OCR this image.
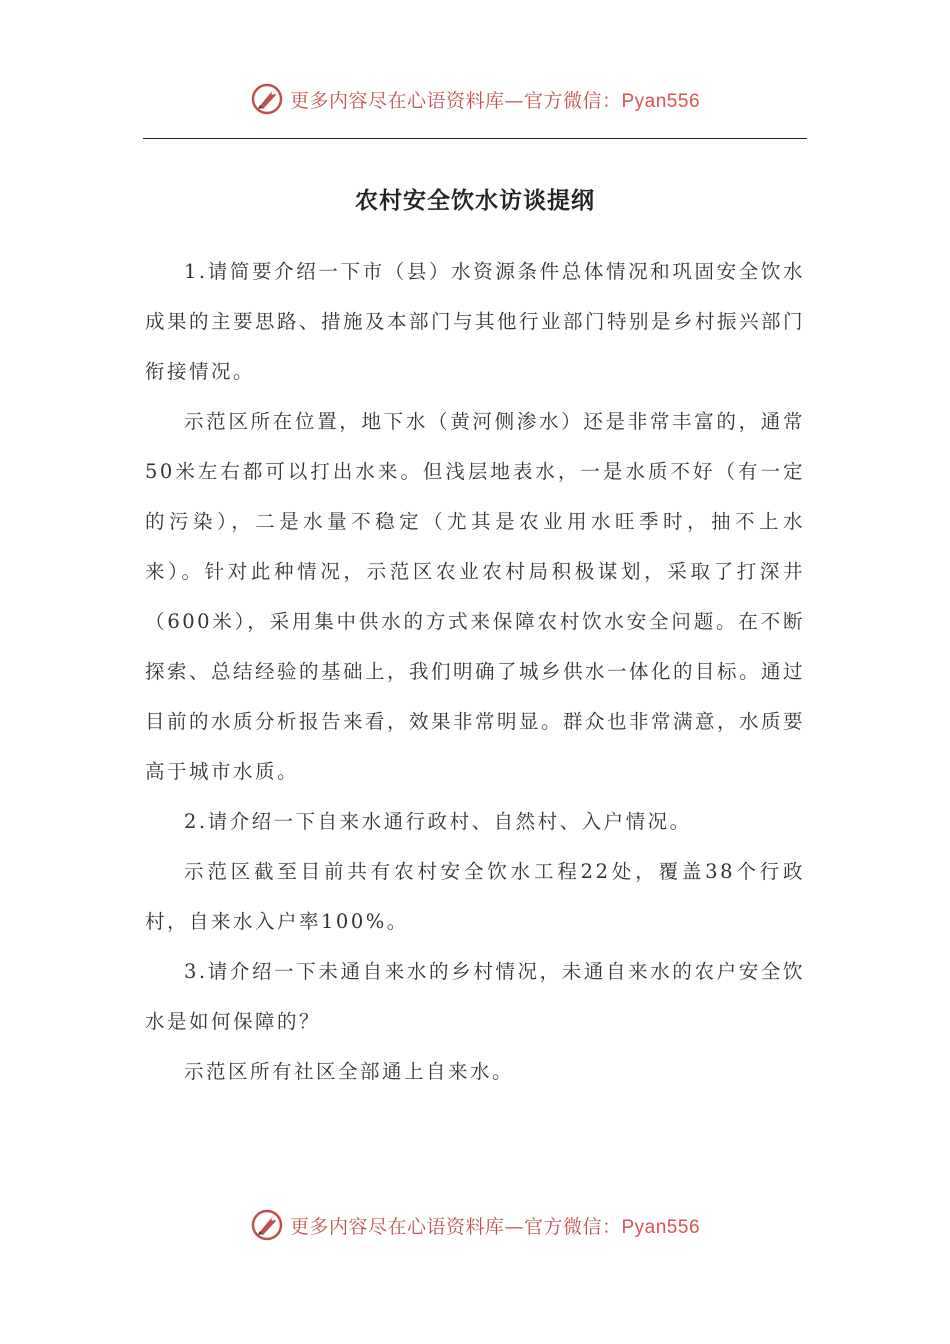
更多内容尽在心语资料库—官方微信：Pyan556
农村安全饮水访谈提纲

1.请简要介绍一下市（县）水资源条件总体情况和巩固安全饮水成果的主要思路、措施及本部门与其他行业部门特别是乡村振兴部门衔接情况。

示范区所在位置，地下水（黄河侧渗水）还是非常丰富的，通常50米左右都可以打出水来。但浅层地表水，一是水质不好（有一定的污染），二是水量不稳定（尤其是农业用水旺季时，抽不上水来）。针对此种情况，示范区农业农村局积极谋划，采取了打深井（600米），采用集中供水的方式来保障农村饮水安全问题。在不断探索、总结经验的基础上，我们明确了城乡供水一体化的目标。通过目前的水质分析报告来看，效果非常明显。群众也非常满意，水质要高于城市水质。

2.请介绍一下自来水通行政村、自然村、入户情况。

示范区截至目前共有农村安全饮水工程22处，覆盖38个行政村，自来水入户率100%。

3.请介绍一下未通自来水的乡村情况，未通自来水的农户安全饮水是如何保障的？

示范区所有社区全部通上自来水。

更多内容尽在心语资料库—官方微信：Pyan556
